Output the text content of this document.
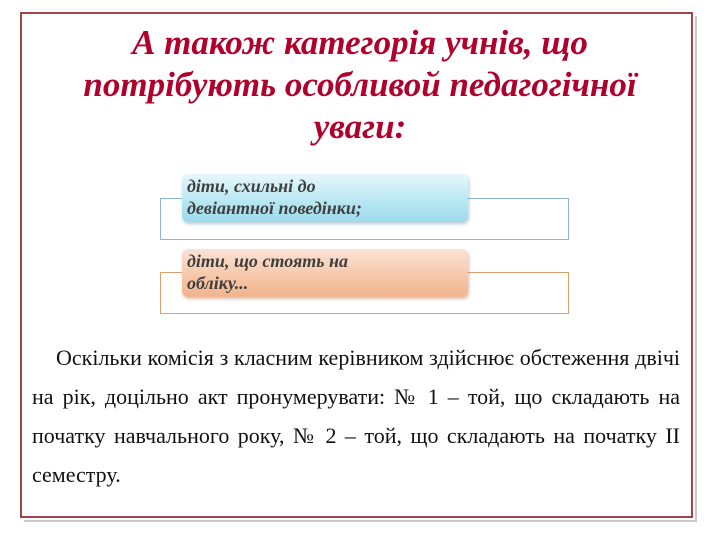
А також категорія учнів, що
потрібують особливой педагогічної
уваги:
діти, схильні до
девіантної поведінки;
діти, що стоять на
обліку...

Оскільки комісія з класним керівником здійснює обстеження двічі на рік, доцільно акт пронумерувати: № 1 – той, що складають на початку навчального року, № 2 – той, що складають на початку ІІ семестру.
